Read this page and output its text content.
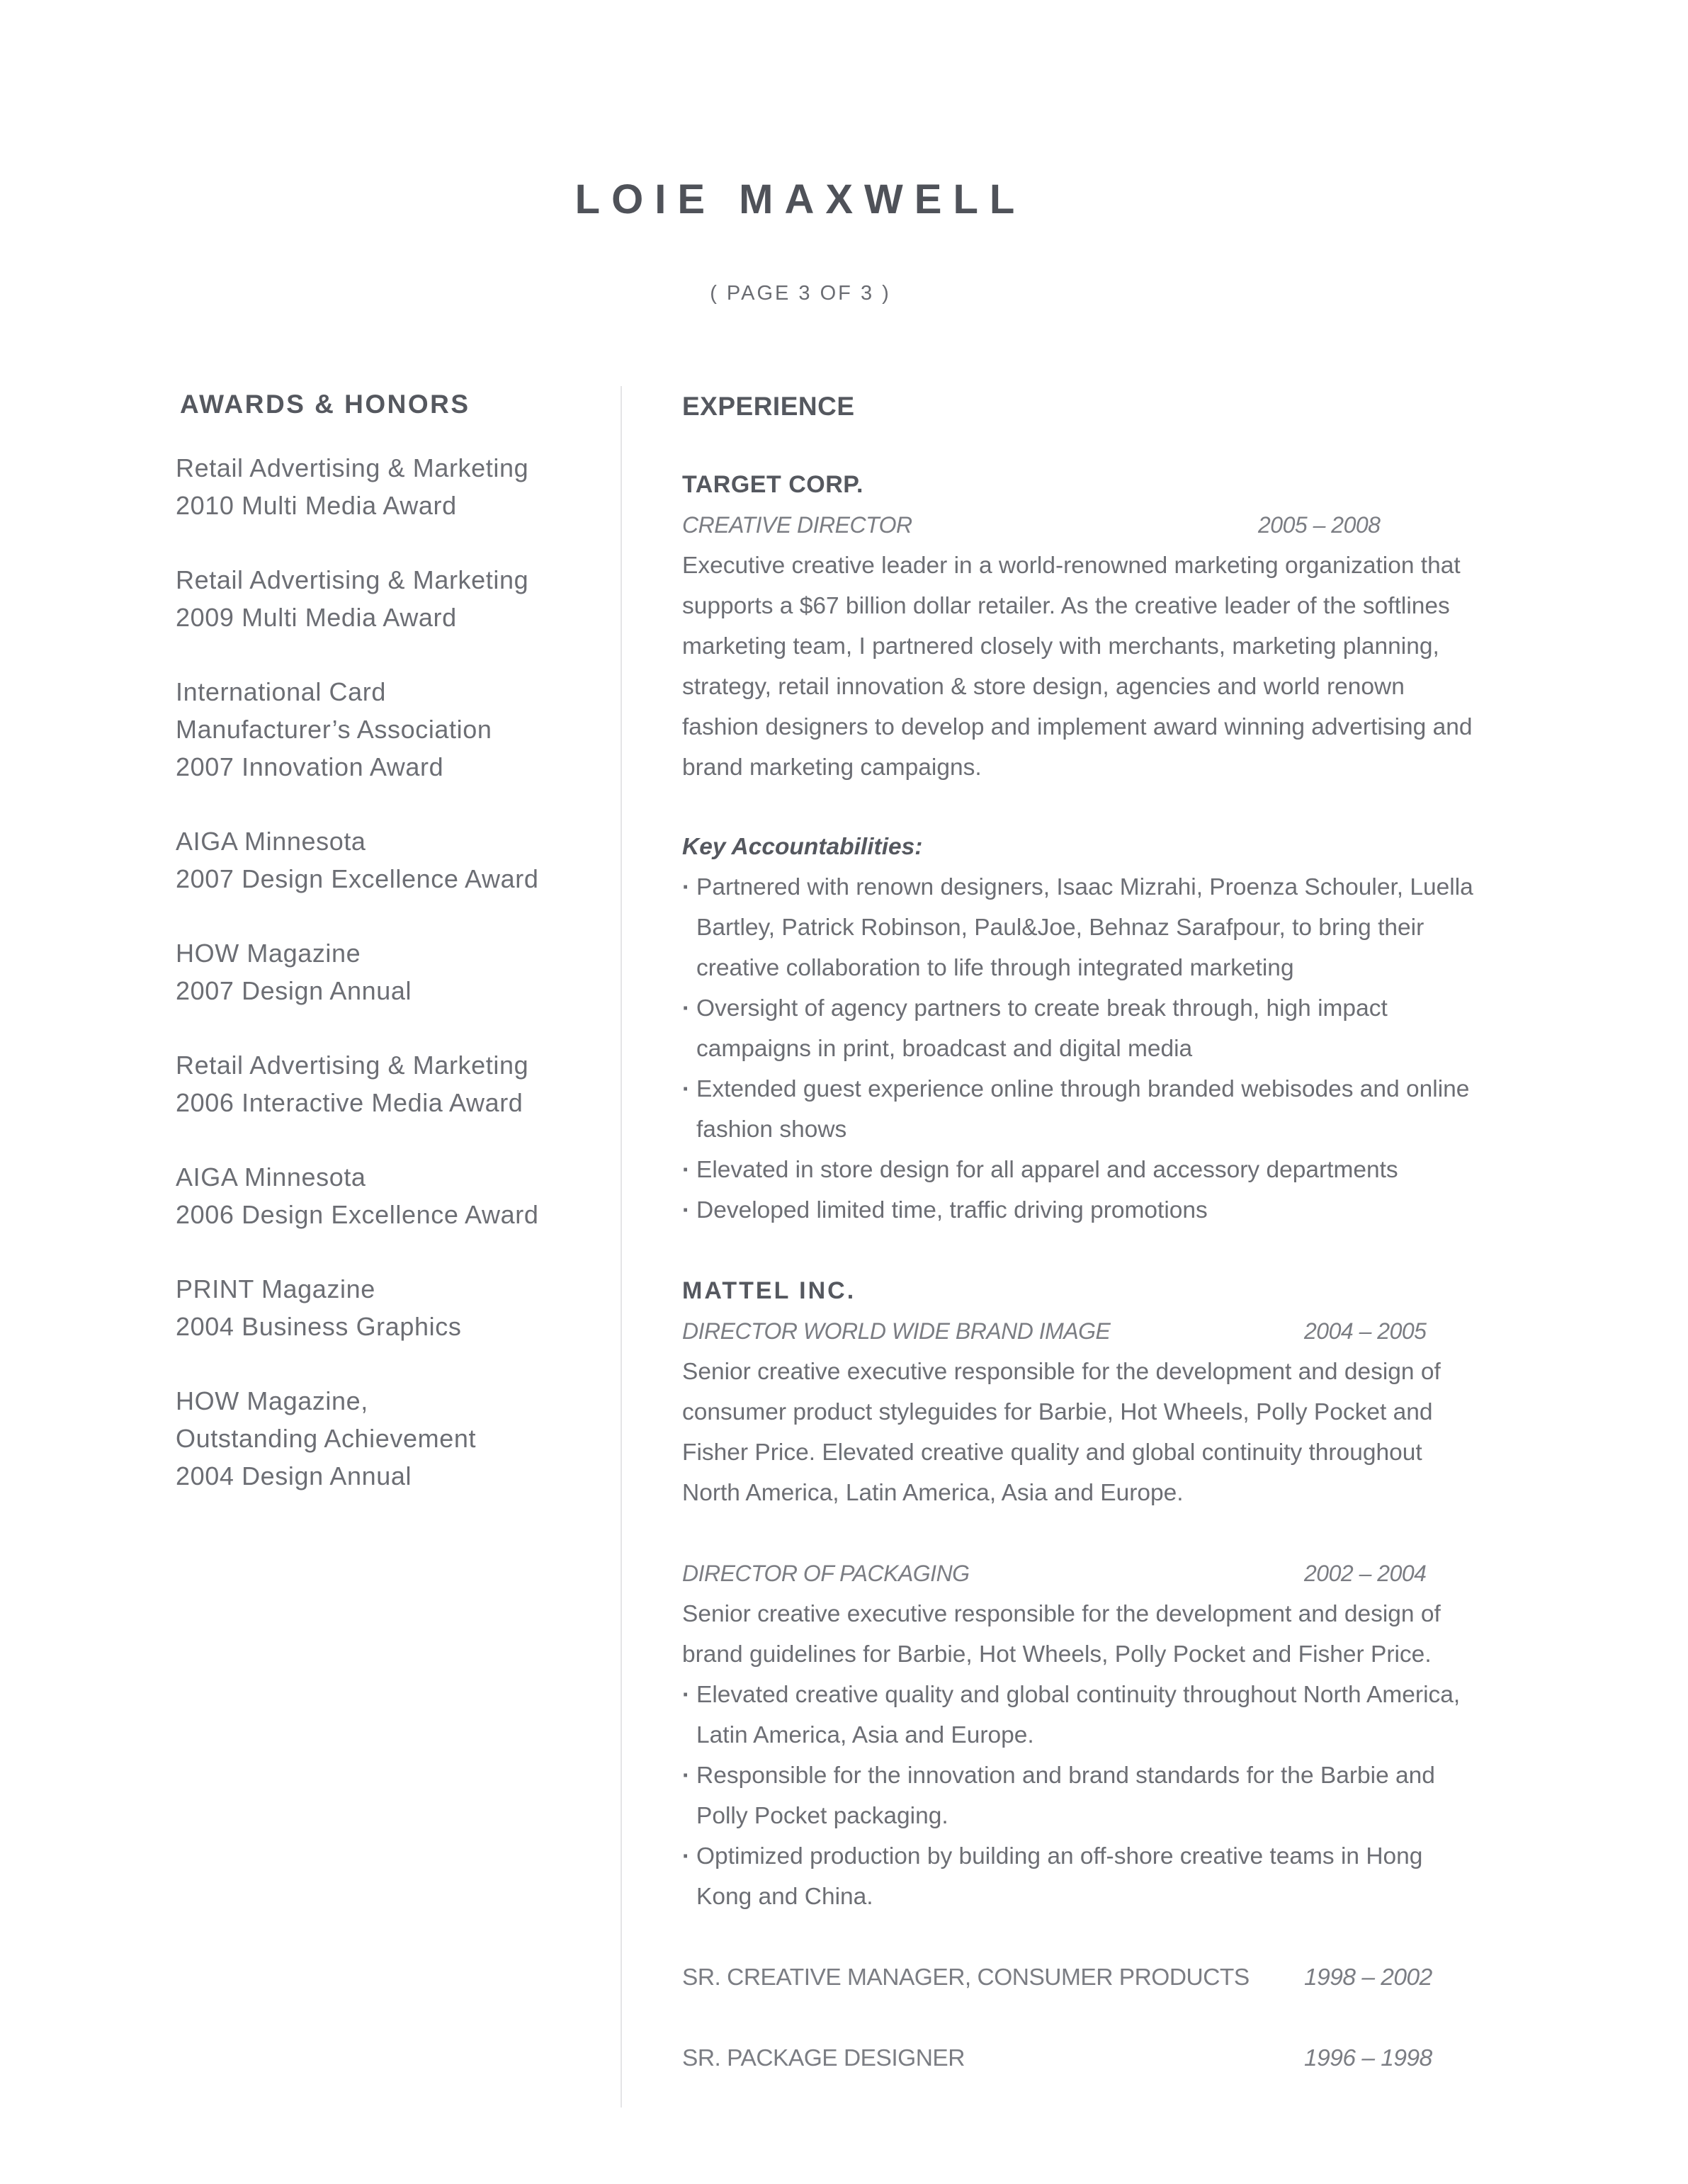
LOIE MAXWELL
( PAGE 3 OF 3 )
AWARDS & HONORS
Retail Advertising & Marketing
2010 Multi Media Award
Retail Advertising & Marketing
2009 Multi Media Award
International Card
Manufacturer’s Association
2007 Innovation Award
AIGA Minnesota
2007 Design Excellence Award
HOW Magazine
2007 Design Annual
Retail Advertising & Marketing
2006 Interactive Media Award
AIGA Minnesota
2006 Design Excellence Award
PRINT Magazine
2004 Business Graphics
HOW Magazine,
Outstanding Achievement
2004 Design Annual
EXPERIENCE
TARGET CORP.
CREATIVE DIRECTOR	2005 – 2008

Executive creative leader in a world-renowned marketing organization that supports a $67 billion dollar retailer. As the creative leader of the softlines marketing team, I partnered closely with merchants, marketing planning, strategy, retail innovation & store design, agencies and world renown fashion designers to develop and implement award winning advertising and brand marketing campaigns.

Key Accountabilities:
· Partnered with renown designers, Isaac Mizrahi, Proenza Schouler, Luella Bartley, Patrick Robinson, Paul&Joe, Behnaz Sarafpour, to bring their creative collaboration to life through integrated marketing
· Oversight of agency partners to create break through, high impact campaigns in print, broadcast and digital media
· Extended guest experience online through branded webisodes and online fashion shows
· Elevated in store design for all apparel and accessory departments
· Developed limited time, traffic driving promotions
MATTEL INC.
DIRECTOR WORLD WIDE BRAND IMAGE	2004 – 2005

Senior creative executive responsible for the development and design of consumer product styleguides for Barbie, Hot Wheels, Polly Pocket and Fisher Price. Elevated creative quality and global continuity throughout North America, Latin America, Asia and Europe.

DIRECTOR OF PACKAGING	2002 – 2004

Senior creative executive responsible for the development and design of brand guidelines for Barbie, Hot Wheels, Polly Pocket and Fisher Price.

· Elevated creative quality and global continuity throughout North America, Latin America, Asia and Europe.
· Responsible for the innovation and brand standards for the Barbie and Polly Pocket packaging.
· Optimized production by building an off-shore creative teams in Hong Kong and China.
SR. CREATIVE MANAGER, CONSUMER PRODUCTS 1998 – 2002
SR. PACKAGE DESIGNER	1996 – 1998
